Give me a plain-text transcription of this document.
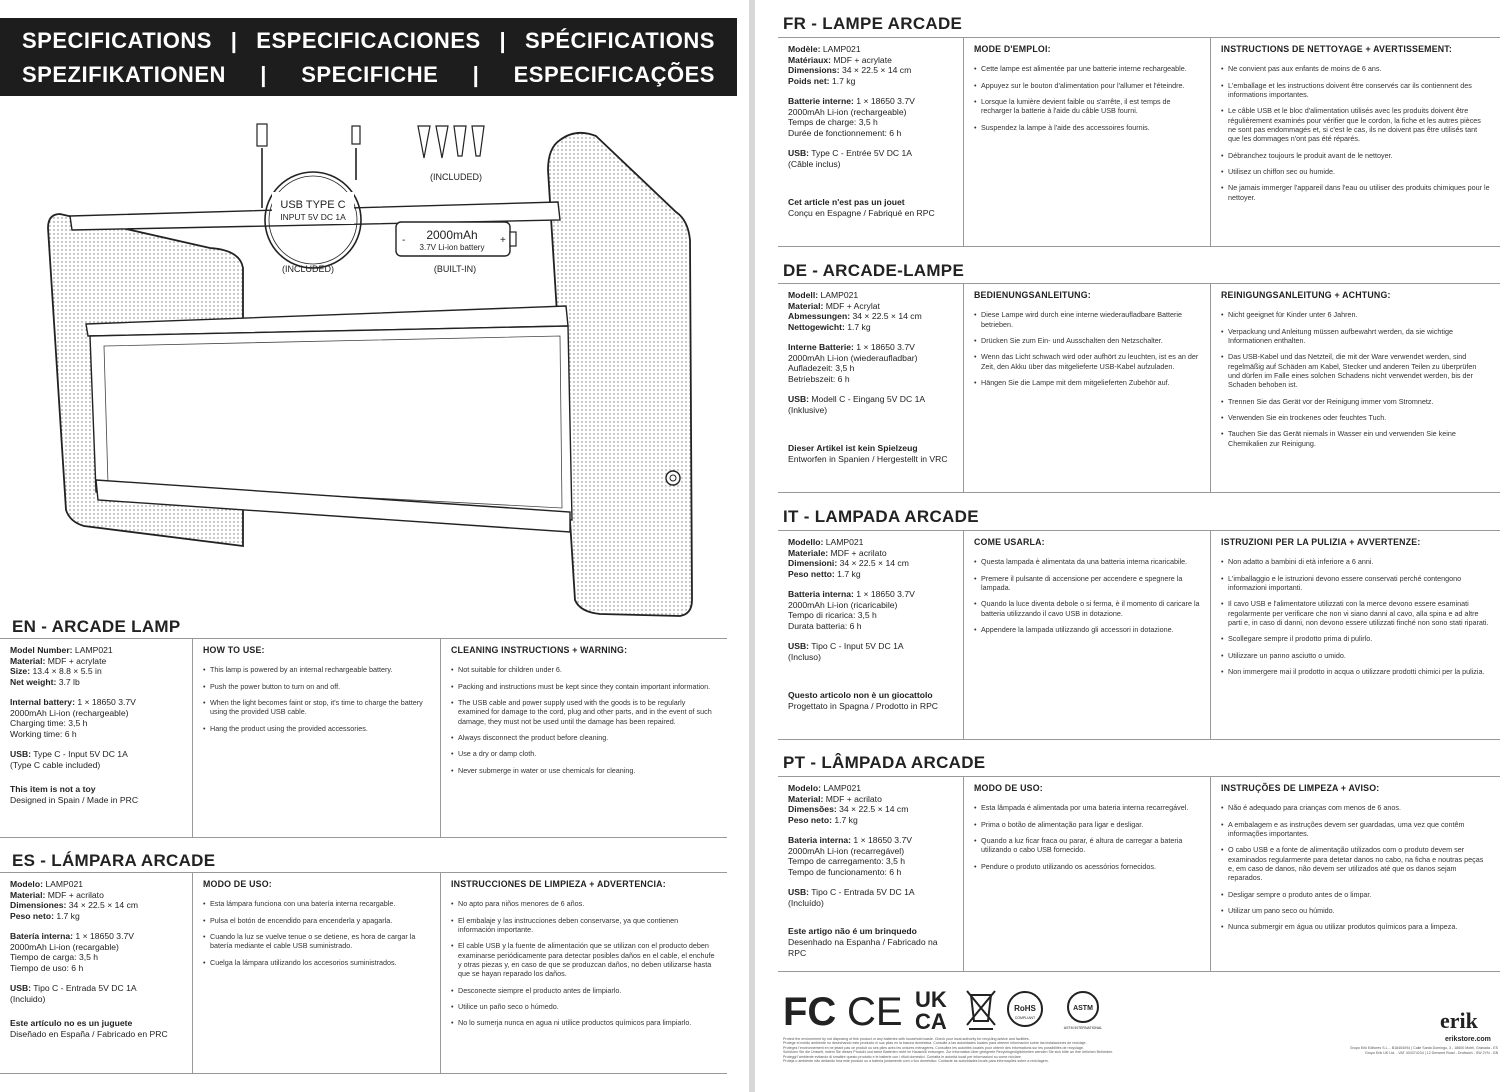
SPECIFICATIONS | ESPECIFICACIONES | SPÉCIFICATIONS
SPEZIFIKATIONEN | SPECIFICHE | ESPECIFICAÇÕES
USB TYPE C
INPUT 5V DC 1A
(INCLUDED)
(INCLUDED)
-	+
2000mAh
3.7V Li-ion battery
(BUILT-IN)
EN - ARCADE LAMP
Model Number: LAMP021
Material: MDF + acrylate
Size: 13.4 × 8.8 × 5.5 in
Net weight: 3.7 lb
Internal battery: 1 × 18650 3.7V
2000mAh Li-ion (rechargeable)
Charging time: 3,5 h
Working time: 6 h
USB: Type C - Input 5V DC 1A
(Type C cable included)
This item is not a toy
Designed in Spain / Made in PRC
HOW TO USE:
• This lamp is powered by an internal rechargeable battery.
• Push the power button to turn on and off.
• When the light becomes faint or stop, it's time to charge the battery using the provided USB cable.
• Hang the product using the provided accessories.
CLEANING INSTRUCTIONS + WARNING:
• Not suitable for children under 6.
• Packing and instructions must be kept since they contain important information.
• The USB cable and power supply used with the goods is to be regularly examined for damage to the cord, plug and other parts, and in the event of such damage, they must not be used until the damage has been repaired.
• Always disconnect the product before cleaning.
• Use a dry or damp cloth.
• Never submerge in water or use chemicals for cleaning.
ES - LÁMPARA ARCADE
Modelo: LAMP021
Material: MDF + acrilato
Dimensiones: 34 × 22.5 × 14 cm
Peso neto: 1.7 kg
Batería interna: 1 × 18650 3.7V
2000mAh Li-ion (recargable)
Tiempo de carga: 3,5 h
Tiempo de uso: 6 h
USB: Tipo C - Entrada 5V DC 1A
(Incluido)
Este artículo no es un juguete
Diseñado en España / Fabricado en PRC
MODO DE USO:
• Esta lámpara funciona con una batería interna recargable.
• Pulsa el botón de encendido para encenderla y apagarla.
• Cuando la luz se vuelve tenue o se detiene, es hora de cargar la batería mediante el cable USB suministrado.
• Cuelga la lámpara utilizando los accesorios suministrados.
INSTRUCCIONES DE LIMPIEZA + ADVERTENCIA:
• No apto para niños menores de 6 años.
• El embalaje y las instrucciones deben conservarse, ya que contienen información importante.
• El cable USB y la fuente de alimentación que se utilizan con el producto deben examinarse periódicamente para detectar posibles daños en el cable, el enchufe y otras piezas y, en caso de que se produzcan daños, no deben utilizarse hasta que se hayan reparado los daños.
• Desconecte siempre el producto antes de limpiarlo.
• Utilice un paño seco o húmedo.
• No lo sumerja nunca en agua ni utilice productos químicos para limpiarlo.
FR - LAMPE ARCADE
Modèle: LAMP021
Matériaux: MDF + acrylate
Dimensions: 34 × 22.5 × 14 cm
Poids net: 1.7 kg
Batterie interne: 1 × 18650 3.7V
2000mAh Li-ion (rechargeable)
Temps de charge: 3,5 h
Durée de fonctionnement: 6 h
USB: Type C - Entrée 5V DC 1A
(Câble inclus)
Cet article n'est pas un jouet
Conçu en Espagne / Fabriqué en RPC
MODE D'EMPLOI:
• Cette lampe est alimentée par une batterie interne rechargeable.
• Appuyez sur le bouton d'alimentation pour l'allumer et l'éteindre.
• Lorsque la lumière devient faible ou s'arrête, il est temps de recharger la batterie à l'aide du câble USB fourni.
• Suspendez la lampe à l'aide des accessoires fournis.
INSTRUCTIONS DE NETTOYAGE + AVERTISSEMENT:
• Ne convient pas aux enfants de moins de 6 ans.
• L'emballage et les instructions doivent être conservés car ils contiennent des informations importantes.
• Le câble USB et le bloc d'alimentation utilisés avec les produits doivent être régulièrement examinés pour vérifier que le cordon, la fiche et les autres pièces ne sont pas endommagés et, si c'est le cas, ils ne doivent pas être utilisés tant que les dommages n'ont pas été réparés.
• Débranchez toujours le produit avant de le nettoyer.
• Utilisez un chiffon sec ou humide.
• Ne jamais immerger l'appareil dans l'eau ou utiliser des produits chimiques pour le nettoyer.
DE - ARCADE-LAMPE
Modell: LAMP021
Material: MDF + Acrylat
Abmessungen: 34 × 22.5 × 14 cm
Nettogewicht: 1.7 kg
Interne Batterie: 1 × 18650 3.7V
2000mAh Li-ion (wiederaufladbar)
Aufladezeit: 3,5 h
Betriebszeit: 6 h
USB: Modell C - Eingang 5V DC 1A
(Inklusive)
Dieser Artikel ist kein Spielzeug
Entworfen in Spanien / Hergestellt in VRC
BEDIENUNGSANLEITUNG:
• Diese Lampe wird durch eine interne wiederaufladbare Batterie betrieben.
• Drücken Sie zum Ein- und Ausschalten den Netzschalter.
• Wenn das Licht schwach wird oder aufhört zu leuchten, ist es an der Zeit, den Akku über das mitgelieferte USB-Kabel aufzuladen.
• Hängen Sie die Lampe mit dem mitgelieferten Zubehör auf.
REINIGUNGSANLEITUNG + ACHTUNG:
• Nicht geeignet für Kinder unter 6 Jahren.
• Verpackung und Anleitung müssen aufbewahrt werden, da sie wichtige Informationen enthalten.
• Das USB-Kabel und das Netzteil, die mit der Ware verwendet werden, sind regelmäßig auf Schäden am Kabel, Stecker und anderen Teilen zu überprüfen und dürfen im Falle eines solchen Schadens nicht verwendet werden, bis der Schaden behoben ist.
• Trennen Sie das Gerät vor der Reinigung immer vom Stromnetz.
• Verwenden Sie ein trockenes oder feuchtes Tuch.
• Tauchen Sie das Gerät niemals in Wasser ein und verwenden Sie keine Chemikalien zur Reinigung.
IT - LAMPADA ARCADE
Modello: LAMP021
Materiale: MDF + acrilato
Dimensioni: 34 × 22.5 × 14 cm
Peso netto: 1.7 kg
Batteria interna: 1 × 18650 3.7V
2000mAh Li-ion (ricaricabile)
Tempo di ricarica: 3,5 h
Durata batteria: 6 h
USB: Tipo C - Input 5V DC 1A
(Incluso)
Questo articolo non è un giocattolo
Progettato in Spagna / Prodotto in RPC
COME USARLA:
• Questa lampada è alimentata da una batteria interna ricaricabile.
• Premere il pulsante di accensione per accendere e spegnere la lampada.
• Quando la luce diventa debole o si ferma, è il momento di caricare la batteria utilizzando il cavo USB in dotazione.
• Appendere la lampada utilizzando gli accessori in dotazione.
ISTRUZIONI PER LA PULIZIA + AVVERTENZE:
• Non adatto a bambini di età inferiore a 6 anni.
• L'imballaggio e le istruzioni devono essere conservati perché contengono informazioni importanti.
• Il cavo USB e l'alimentatore utilizzati con la merce devono essere esaminati regolarmente per verificare che non vi siano danni al cavo, alla spina e ad altre parti e, in caso di danni, non devono essere utilizzati finché non sono stati riparati.
• Scollegare sempre il prodotto prima di pulirlo.
• Utilizzare un panno asciutto o umido.
• Non immergere mai il prodotto in acqua o utilizzare prodotti chimici per la pulizia.
PT - LÂMPADA ARCADE
Modelo: LAMP021
Material: MDF + acrilato
Dimensões: 34 × 22.5 × 14 cm
Peso neto: 1.7 kg
Bateria interna: 1 × 18650 3.7V
2000mAh Li-ion (recarregável)
Tempo de carregamento: 3,5 h
Tempo de funcionamento: 6 h
USB: Tipo C - Entrada 5V DC 1A
(Incluído)
Este artigo não é um brinquedo
Desenhado na Espanha / Fabricado na RPC
MODO DE USO:
• Esta lâmpada é alimentada por uma bateria interna recarregável.
• Prima o botão de alimentação para ligar e desligar.
• Quando a luz ficar fraca ou parar, é altura de carregar a bateria utilizando o cabo USB fornecido.
• Pendure o produto utilizando os acessórios fornecidos.
INSTRUÇÕES DE LIMPEZA + AVISO:
• Não é adequado para crianças com menos de 6 anos.
• A embalagem e as instruções devem ser guardadas, uma vez que contêm informações importantes.
• O cabo USB e a fonte de alimentação utilizados com o produto devem ser examinados regularmente para detetar danos no cabo, na ficha e noutras peças e, em caso de danos, não devem ser utilizados até que os danos sejam reparados.
• Desligar sempre o produto antes de o limpar.
• Utilizar um pano seco ou húmido.
• Nunca submergir em água ou utilizar produtos químicos para a limpeza.
FC CE UK
CA
RoHS
COMPLIANT
ASTM
ASTM INTERNATIONAL	erik
erikstore.com
Protect the environment by not disposing of this product or any batteries with household waste. Check your local authority for recycling advice and facilities.
Protege el medio ambiente no desechando este producto ni sus pilas en la basura doméstica. Consulte a las autoridades locales para obtener información sobre las instalaciones de reciclaje.
Protégez l'environnement en ne jetant pas ce produit ou ses piles avec les ordures ménagères. Consultez les autorités locales pour obtenir des informations sur les possibilités de recyclage.
Schützen Sie die Umwelt, indem Sie dieses Produkt und seine Batterien nicht im Hausmüll entsorgen. Zur Information über geeignete Recyclingmöglichkeiten wenden Sie sich bitte an Ihre örtlichen Behörden.
Proteggi l'ambiente evitando di smaltire questo prodotto e le batterie con i rifiuti domestici. Contatta le autorità locali per informazioni su come riciclare.
Proteja o ambiente não deitando fora este produto ou a bateria juntamente com o lixo doméstico. Contacte as autoridades locais para informações sobre a reciclagem.
Grupo Erik Editores S.L. - B18454094 | Calle Santa Domingo, 3 - 18600 Motril, Granada - ES
Grupo Erik UK Ltd. - VAT 404374234 | 12 Derwent Road - Droitwich - SW 2YN - GB
